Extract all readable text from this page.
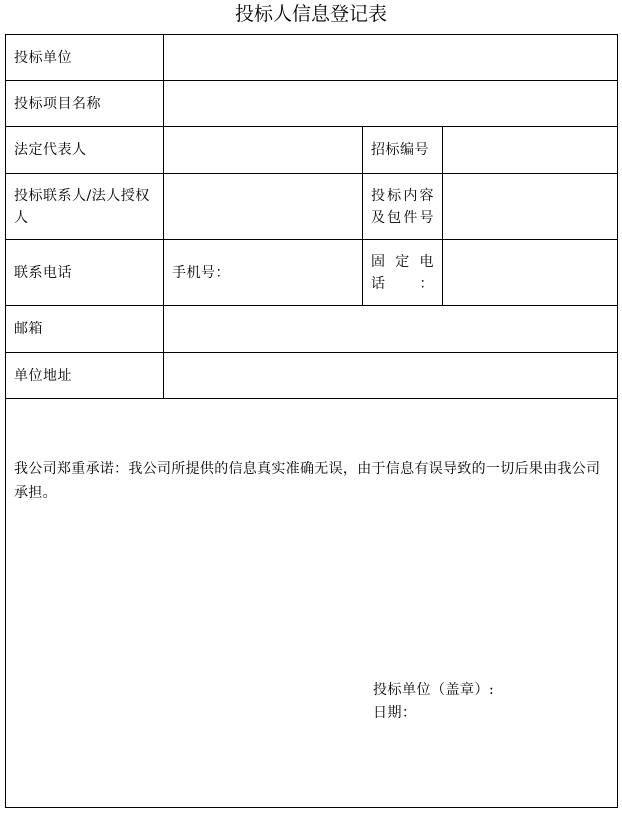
投标人信息登记表
投标单位			
投标项目名称			
法定代表人		招标编号	
投标联系人/法人授权人		投标内容及包件号	
联系电话	手机号：	固定电话：	
邮箱			
单位地址			

我公司郑重承诺：我公司所提供的信息真实准确无误，由于信息有误导致的一切后果由我公司承担。
投标单位（盖章）:
日期：			
